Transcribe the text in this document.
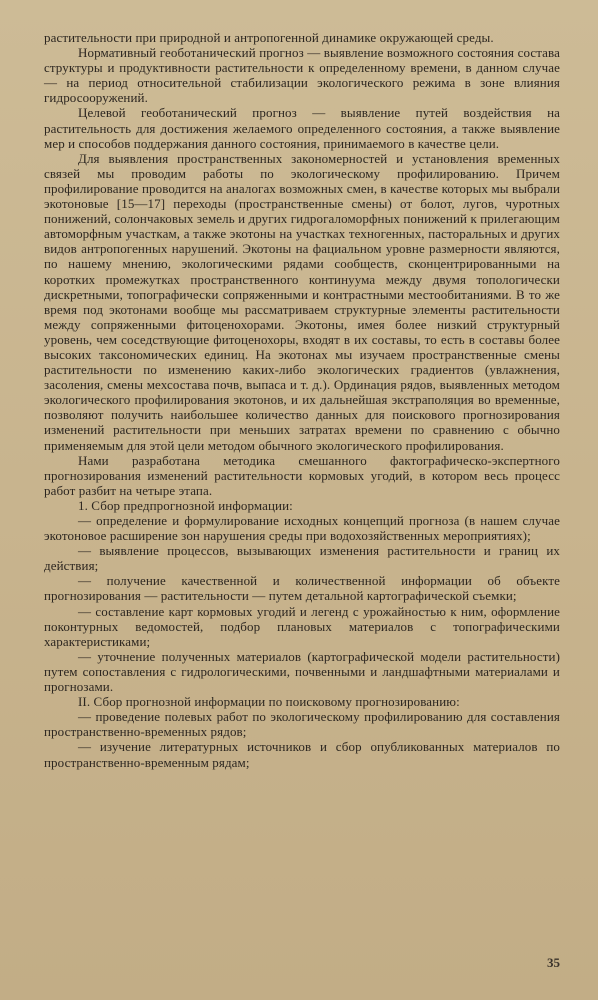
растительности при природной и антропогенной динамике окружающей среды.

Нормативный геоботанический прогноз — выявление возможного состояния состава структуры и продуктивности растительности к определенному времени, в данном случае — на период относительной стабилизации экологического режима в зоне влияния гидросооружений.

Целевой геоботанический прогноз — выявление путей воздействия на растительность для достижения желаемого определенного состояния, а также выявление мер и способов поддержания данного состояния, принимаемого в качестве цели.

Для выявления пространственных закономерностей и установления временных связей мы проводим работы по экологическому профилированию. Причем профилирование проводится на аналогах возможных смен, в качестве которых мы выбрали экотоновые [15—17] переходы (пространственные смены) от болот, лугов, чуротных понижений, солончаковых земель и других гидрогаломорфных понижений к прилегающим автоморфным участкам, а также экотоны на участках техногенных, пасторальных и других видов антропогенных нарушений. Экотоны на фациальном уровне размерности являются, по нашему мнению, экологическими рядами сообществ, сконцентрированными на коротких промежутках пространственного континуума между двумя топологически дискретными, топографически сопряженными и контрастными местообитаниями. В то же время под экотонами вообще мы рассматриваем структурные элементы растительности между сопряженными фитоценохорами. Экотоны, имея более низкий структурный уровень, чем соседствующие фитоценохоры, входят в их составы, то есть в составы более высоких таксономических единиц. На экотонах мы изучаем пространственные смены растительности по изменению каких-либо экологических градиентов (увлажнения, засоления, смены мехсостава почв, выпаса и т. д.). Ординация рядов, выявленных методом экологического профилирования экотонов, и их дальнейшая экстраполяция во временные, позволяют получить наибольшее количество данных для поискового прогнозирования изменений растительности при меньших затратах времени по сравнению с обычно применяемым для этой цели методом обычного экологического профилирования.

Нами разработана методика смешанного фактографическо-экспертного прогнозирования изменений растительности кормовых угодий, в котором весь процесс работ разбит на четыре этапа.

1. Сбор предпрогнозной информации:

— определение и формулирование исходных концепций прогноза (в нашем случае экотоновое расширение зон нарушения среды при водохозяйственных мероприятиях);

— выявление процессов, вызывающих изменения растительности и границ их действия;

— получение качественной и количественной информации об объекте прогнозирования — растительности — путем детальной картографической съемки;

— составление карт кормовых угодий и легенд с урожайностью к ним, оформление поконтурных ведомостей, подбор плановых материалов с топографическими характеристиками;

— уточнение полученных материалов (картографической модели растительности) путем сопоставления с гидрологическими, почвенными и ландшафтными материалами и прогнозами.

II. Сбор прогнозной информации по поисковому прогнозированию:

— проведение полевых работ по экологическому профилированию для составления пространственно-временных рядов;

— изучение литературных источников и сбор опубликованных материалов по пространственно-временным рядам;

35
